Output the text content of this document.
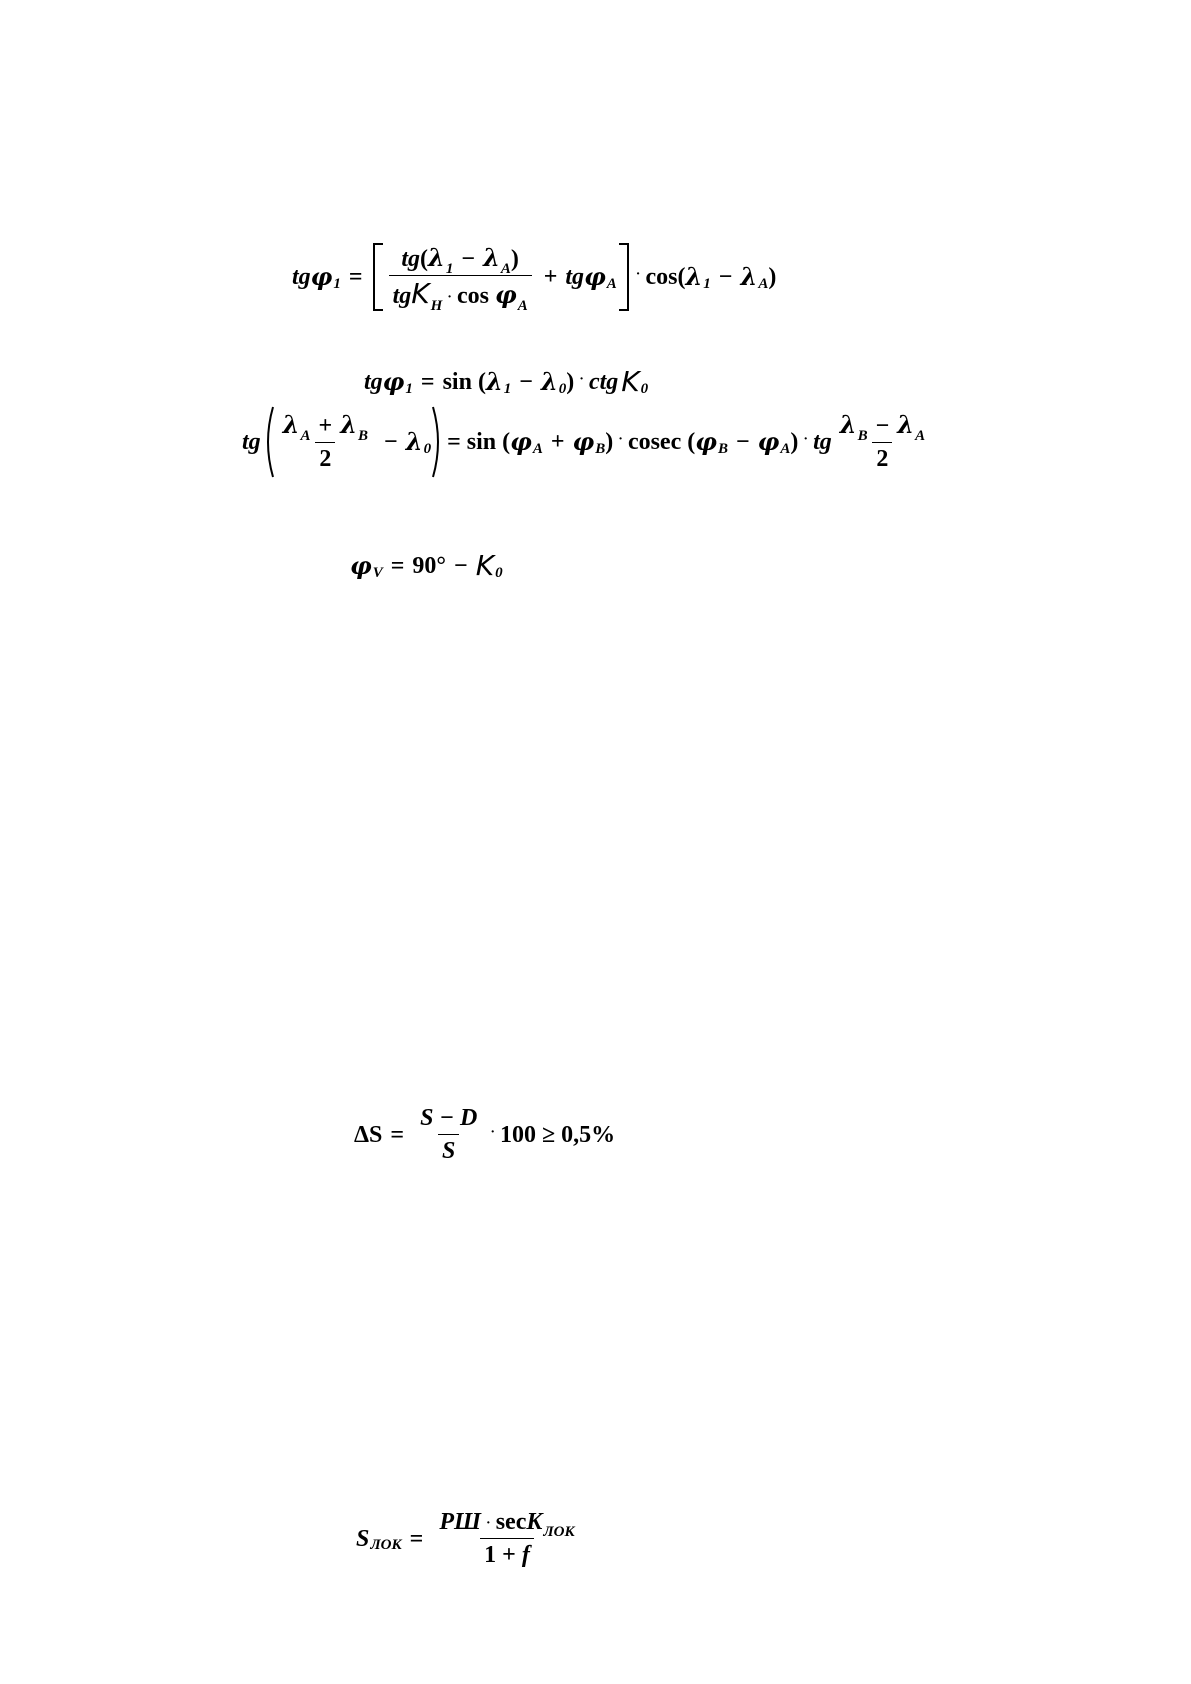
tg φ $1 = \frac{tg(\lambda_1 - \lambda_A)}{tgK_H\cdot \cos \varphi_A}$ + tg φ A
· cos ( λ 1 − λ A )
tg φ 1 = sin
( λ 1 − λ 0 ) · ctg K 0
tg $\frac{\lambda_A + \lambda_B}{2} - \lambda$ 0 = sin ( φ A + φ B ) · cosec ( φ B − φ A ) · tg $\frac{\lambda_B - \lambda_A}{2}$
φ V = 90° − K 0
$\Delta S = \frac{S - D}{S} \cdot 100 \ge 0,5\%$
S ЛОК = $\frac{РШ \cdot \sec K_{ЛОК}}{1 + f}$
